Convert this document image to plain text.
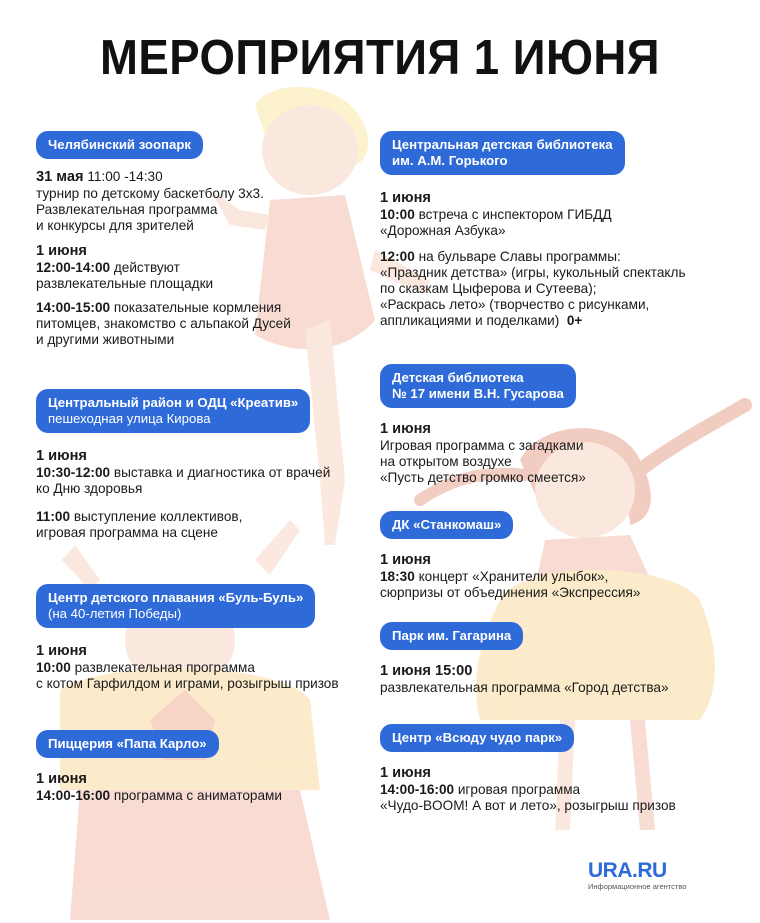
МЕРОПРИЯТИЯ 1 ИЮНЯ
Челябинский зоопарк
31 мая 11:00 -14:30
турнир по детскому баскетболу 3х3.
Развлекательная программа
и конкурсы для зрителей
1 июня
12:00-14:00 действуют
развлекательные площадки
14:00-15:00 показательные кормления
питомцев, знакомство с альпакой Дусей
и другими животными
Центральный район и ОДЦ «Креатив»
пешеходная улица Кирова
1 июня
10:30-12:00 выставка и диагностика от врачей
ко Дню здоровья
11:00 выступление коллективов,
игровая программа на сцене
Центр детского плавания «Буль-Буль»
(на 40-летия Победы)
1 июня
10:00 развлекательная программа
с котом Гарфилдом и играми, розыгрыш призов
Пиццерия «Папа Карло»
1 июня
14:00-16:00 программа с аниматорами
Центральная детская библиотека
им. А.М. Горького
1 июня
10:00 встреча с инспектором ГИБДД
«Дорожная Азбука»
12:00 на бульваре Славы программы:
«Праздник детства» (игры, кукольный спектакль
по сказкам Цыферова и Сутеева);
«Раскрась лето» (творчество с рисунками,
аппликациями и поделками) 0+
Детская библиотека
№ 17 имени В.Н. Гусарова
1 июня
Игровая программа с загадками
на открытом воздухе
«Пусть детство громко смеется»
ДК «Станкомаш»
1 июня
18:30 концерт «Хранители улыбок»,
сюрпризы от объединения «Экспрессия»
Парк им. Гагарина
1 июня 15:00
развлекательная программа «Город детства»
Центр «Всюду чудо парк»
1 июня
14:00-16:00 игровая программа
«Чудо-BOOM! А вот и лето», розыгрыш призов
URA.RU
Информационное агентство
